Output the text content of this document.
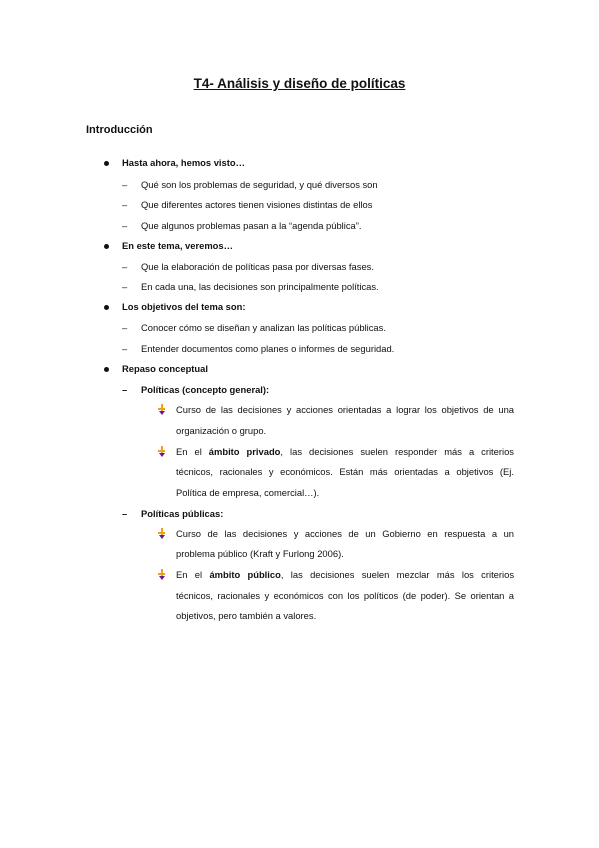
T4- Análisis y diseño de políticas
Introducción
Hasta ahora, hemos visto…
– Qué son los problemas de seguridad, y qué diversos son
– Que diferentes actores tienen visiones distintas de ellos
– Que algunos problemas pasan a la “agenda pública”.
En este tema, veremos…
– Que la elaboración de políticas pasa por diversas fases.
– En cada una, las decisiones son principalmente políticas.
Los objetivos del tema son:
– Conocer cómo se diseñan y analizan las políticas públicas.
– Entender documentos como planes o informes de seguridad.
Repaso conceptual
– Políticas (concepto general):
Curso de las decisiones y acciones orientadas a lograr los objetivos de una
organización o grupo.
En el ámbito privado, las decisiones suelen responder más a criterios
técnicos, racionales y económicos. Están más orientadas a objetivos (Ej.
Política de empresa, comercial…).
– Políticas públicas:
Curso de las decisiones y acciones de un Gobierno en respuesta a un
problema público (Kraft y Furlong 2006).
En el ámbito público, las decisiones suelen mezclar más los criterios
técnicos, racionales y económicos con los políticos (de poder). Se orientan a
objetivos, pero también a valores.
